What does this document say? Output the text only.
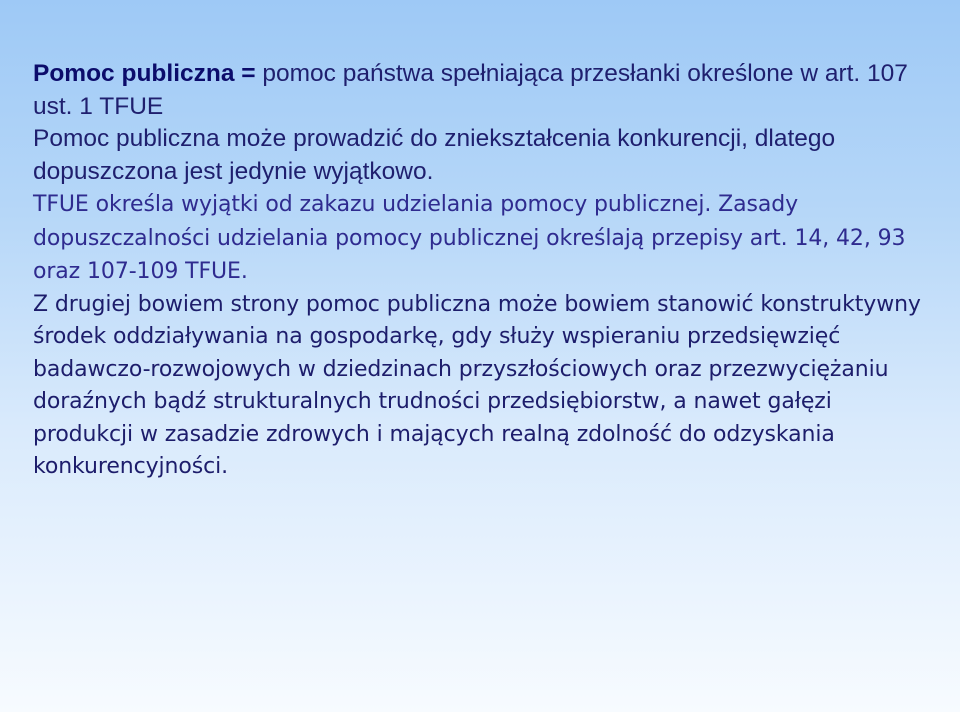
Pomoc publiczna = pomoc państwa spełniająca przesłanki określone w art. 107 ust. 1 TFUE

Pomoc publiczna może prowadzić do zniekształcenia konkurencji, dlatego dopuszczona jest jedynie wyjątkowo.

TFUE określa wyjątki od zakazu udzielania pomocy publicznej. Zasady dopuszczalności udzielania pomocy publicznej określają przepisy art. 14, 42, 93 oraz 107-109 TFUE.

Z drugiej bowiem strony pomoc publiczna może bowiem stanowić konstruktywny środek oddziaływania na gospodarkę, gdy służy wspieraniu przedsięwzięć badawczo-rozwojowych w dziedzinach przyszłościowych oraz przezwyciężaniu doraźnych bądź strukturalnych trudności przedsiębiorstw, a nawet gałęzi produkcji w zasadzie zdrowych i mających realną zdolność do odzyskania konkurencyjności.
